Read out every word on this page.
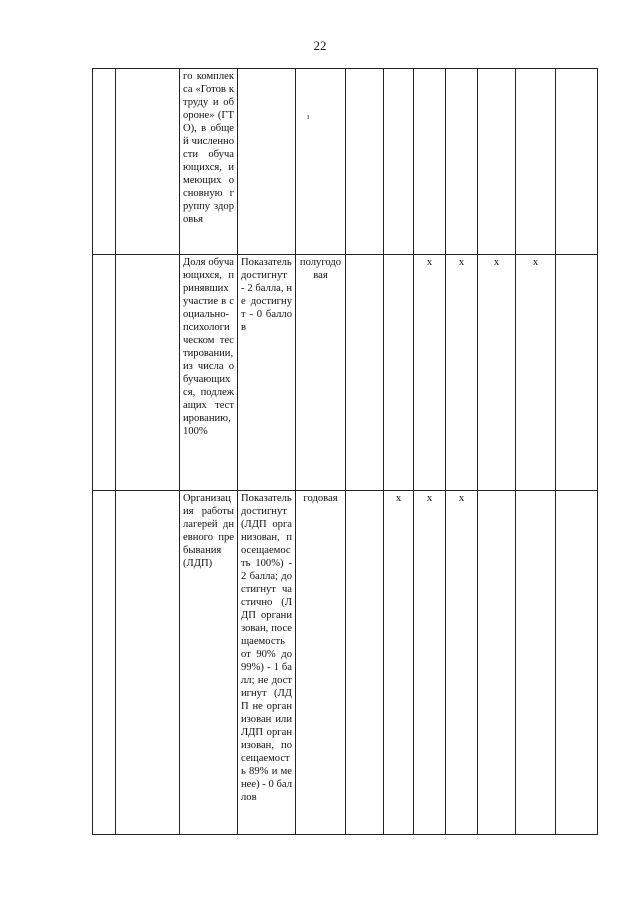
22
		го комплекса «Готов к труду и обороне» (ГТО), в общей численности обучающихся, имеющих основную группу здоровья		ɪ							

		Доля обучающихся, принявших участие в социально-психологическом тестировании, из числа обучающихся, подлежащих тестированию, 100%	Показатель достигнут - 2 балла, не достигнут - 0 баллов	полугодовая			х	х	х	х	
		Организация работы лагерей дневного пребывания (ЛДП)	Показатель достигнут (ЛДП организован, посещаемость 100%) - 2 балла; достигнут частично (ЛДП организован, посещаемость от 90% до 99%) - 1 балл; не достигнут (ЛДП не организован или ЛДП организован, посещаемость 89% и менее) - 0 баллов	годовая		х	х	х			
